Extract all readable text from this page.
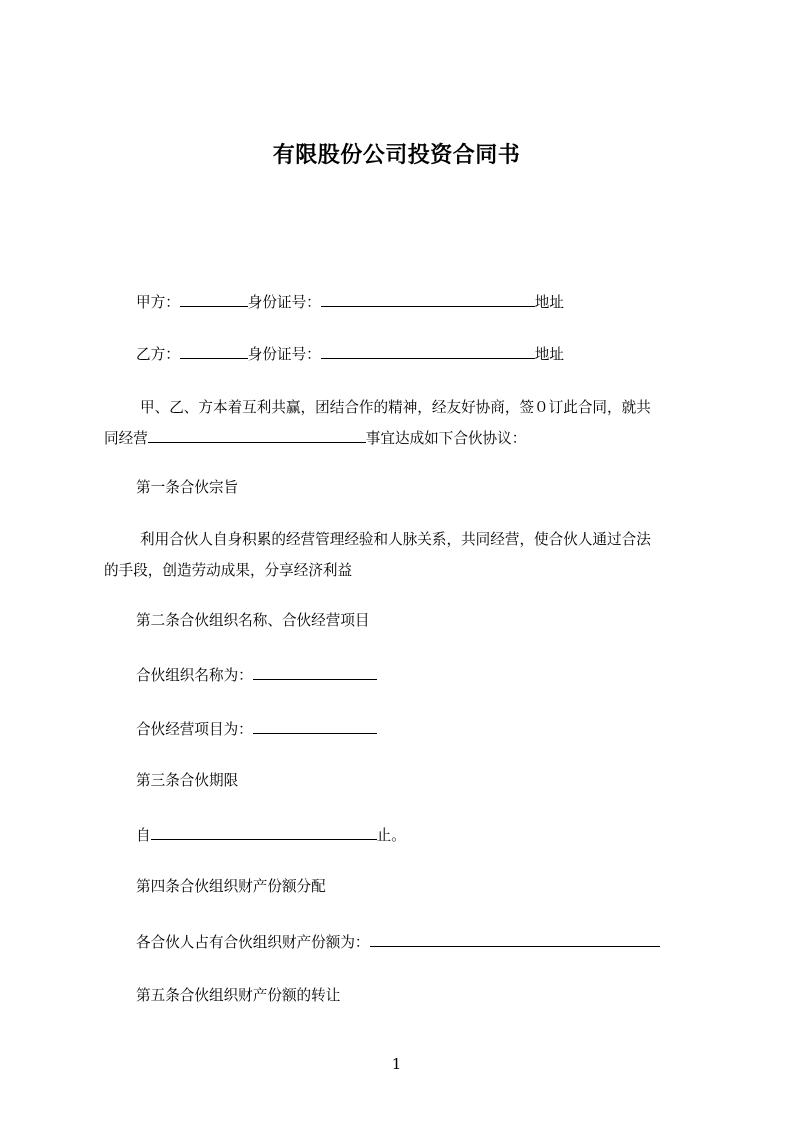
有限股份公司投资合同书
甲方：	身份证号：	地址
乙方：	身份证号：	地址
甲、乙、方本着互利共赢，团结合作的精神，经友好协商，签０订此合同，就共
同经营	事宜达成如下合伙协议：
第一条合伙宗旨
利用合伙人自身积累的经营管理经验和人脉关系，共同经营，使合伙人通过合法
的手段，创造劳动成果，分享经济利益
第二条合伙组织名称、合伙经营项目
合伙组织名称为：
合伙经营项目为：
第三条合伙期限
自	止。
第四条合伙组织财产份额分配
各合伙人占有合伙组织财产份额为：
第五条合伙组织财产份额的转让
1
